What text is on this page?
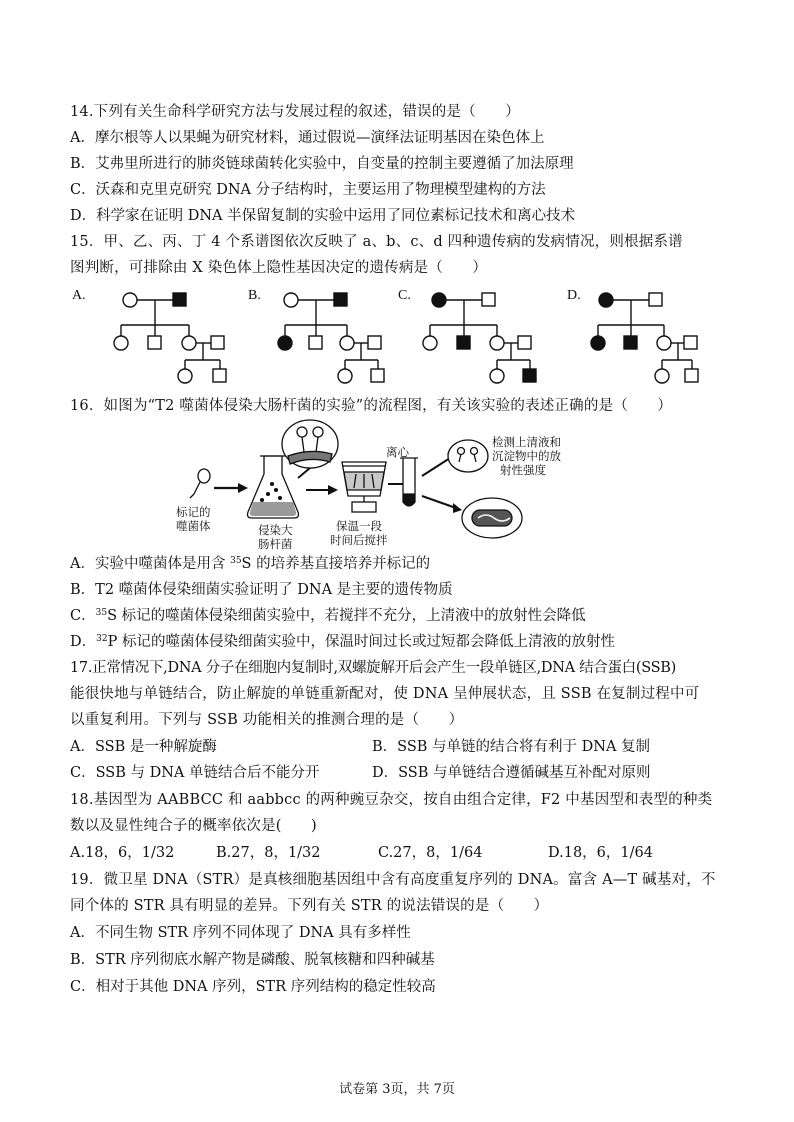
14.下列有关生命科学研究方法与发展过程的叙述，错误的是（　　）
A．摩尔根等人以果蝇为研究材料，通过假说—演绎法证明基因在染色体上
B．艾弗里所进行的肺炎链球菌转化实验中，自变量的控制主要遵循了加法原理
C．沃森和克里克研究 DNA 分子结构时，主要运用了物理模型建构的方法
D．科学家在证明 DNA 半保留复制的实验中运用了同位素标记技术和离心技术
15．甲、乙、丙、丁 4 个系谱图依次反映了 a、b、c、d 四种遗传病的发病情况，则根据系谱
图判断，可排除由 X 染色体上隐性基因决定的遗传病是（　　）
A.	B.	C.	D.
16．如图为“T2 噬菌体侵染大肠杆菌的实验”的流程图，有关该实验的表述正确的是（　　）
标记的
噬菌体	侵染大
肠杆菌
保温一段
时间后搅拌
离心
检测上清液和
沉淀物中的放
射性强度
A．实验中噬菌体是用含 $^{35}$S 的培养基直接培养并标记的
B．T2 噬菌体侵染细菌实验证明了 DNA 是主要的遗传物质
C．$^{35}$S 标记的噬菌体侵染细菌实验中，若搅拌不充分，上清液中的放射性会降低
D．$^{32}$P 标记的噬菌体侵染细菌实验中，保温时间过长或过短都会降低上清液的放射性
17.正常情况下,DNA 分子在细胞内复制时,双螺旋解开后会产生一段单链区,DNA 结合蛋白(SSB)
能很快地与单链结合，防止解旋的单链重新配对，使 DNA 呈伸展状态，且 SSB 在复制过程中可
以重复利用。下列与 SSB 功能相关的推测合理的是（　　）
A．SSB 是一种解旋酶	B．SSB 与单链的结合将有利于 DNA 复制
C．SSB 与 DNA 单链结合后不能分开	D．SSB 与单链结合遵循碱基互补配对原则
18.基因型为 AABBCC 和 aabbcc 的两种豌豆杂交，按自由组合定律，F2 中基因型和表型的种类
数以及显性纯合子的概率依次是(　　)
A.18，6，1/32	B.27，8，1/32	C.27，8，1/64	D.18，6，1/64
19．微卫星 DNA（STR）是真核细胞基因组中含有高度重复序列的 DNA。富含 A—T 碱基对，不
同个体的 STR 具有明显的差异。下列有关 STR 的说法错误的是（　　）
A．不同生物 STR 序列不同体现了 DNA 具有多样性
B．STR 序列彻底水解产物是磷酸、脱氧核糖和四种碱基
C．相对于其他 DNA 序列，STR 序列结构的稳定性较高
试卷第 3页，共 7页
